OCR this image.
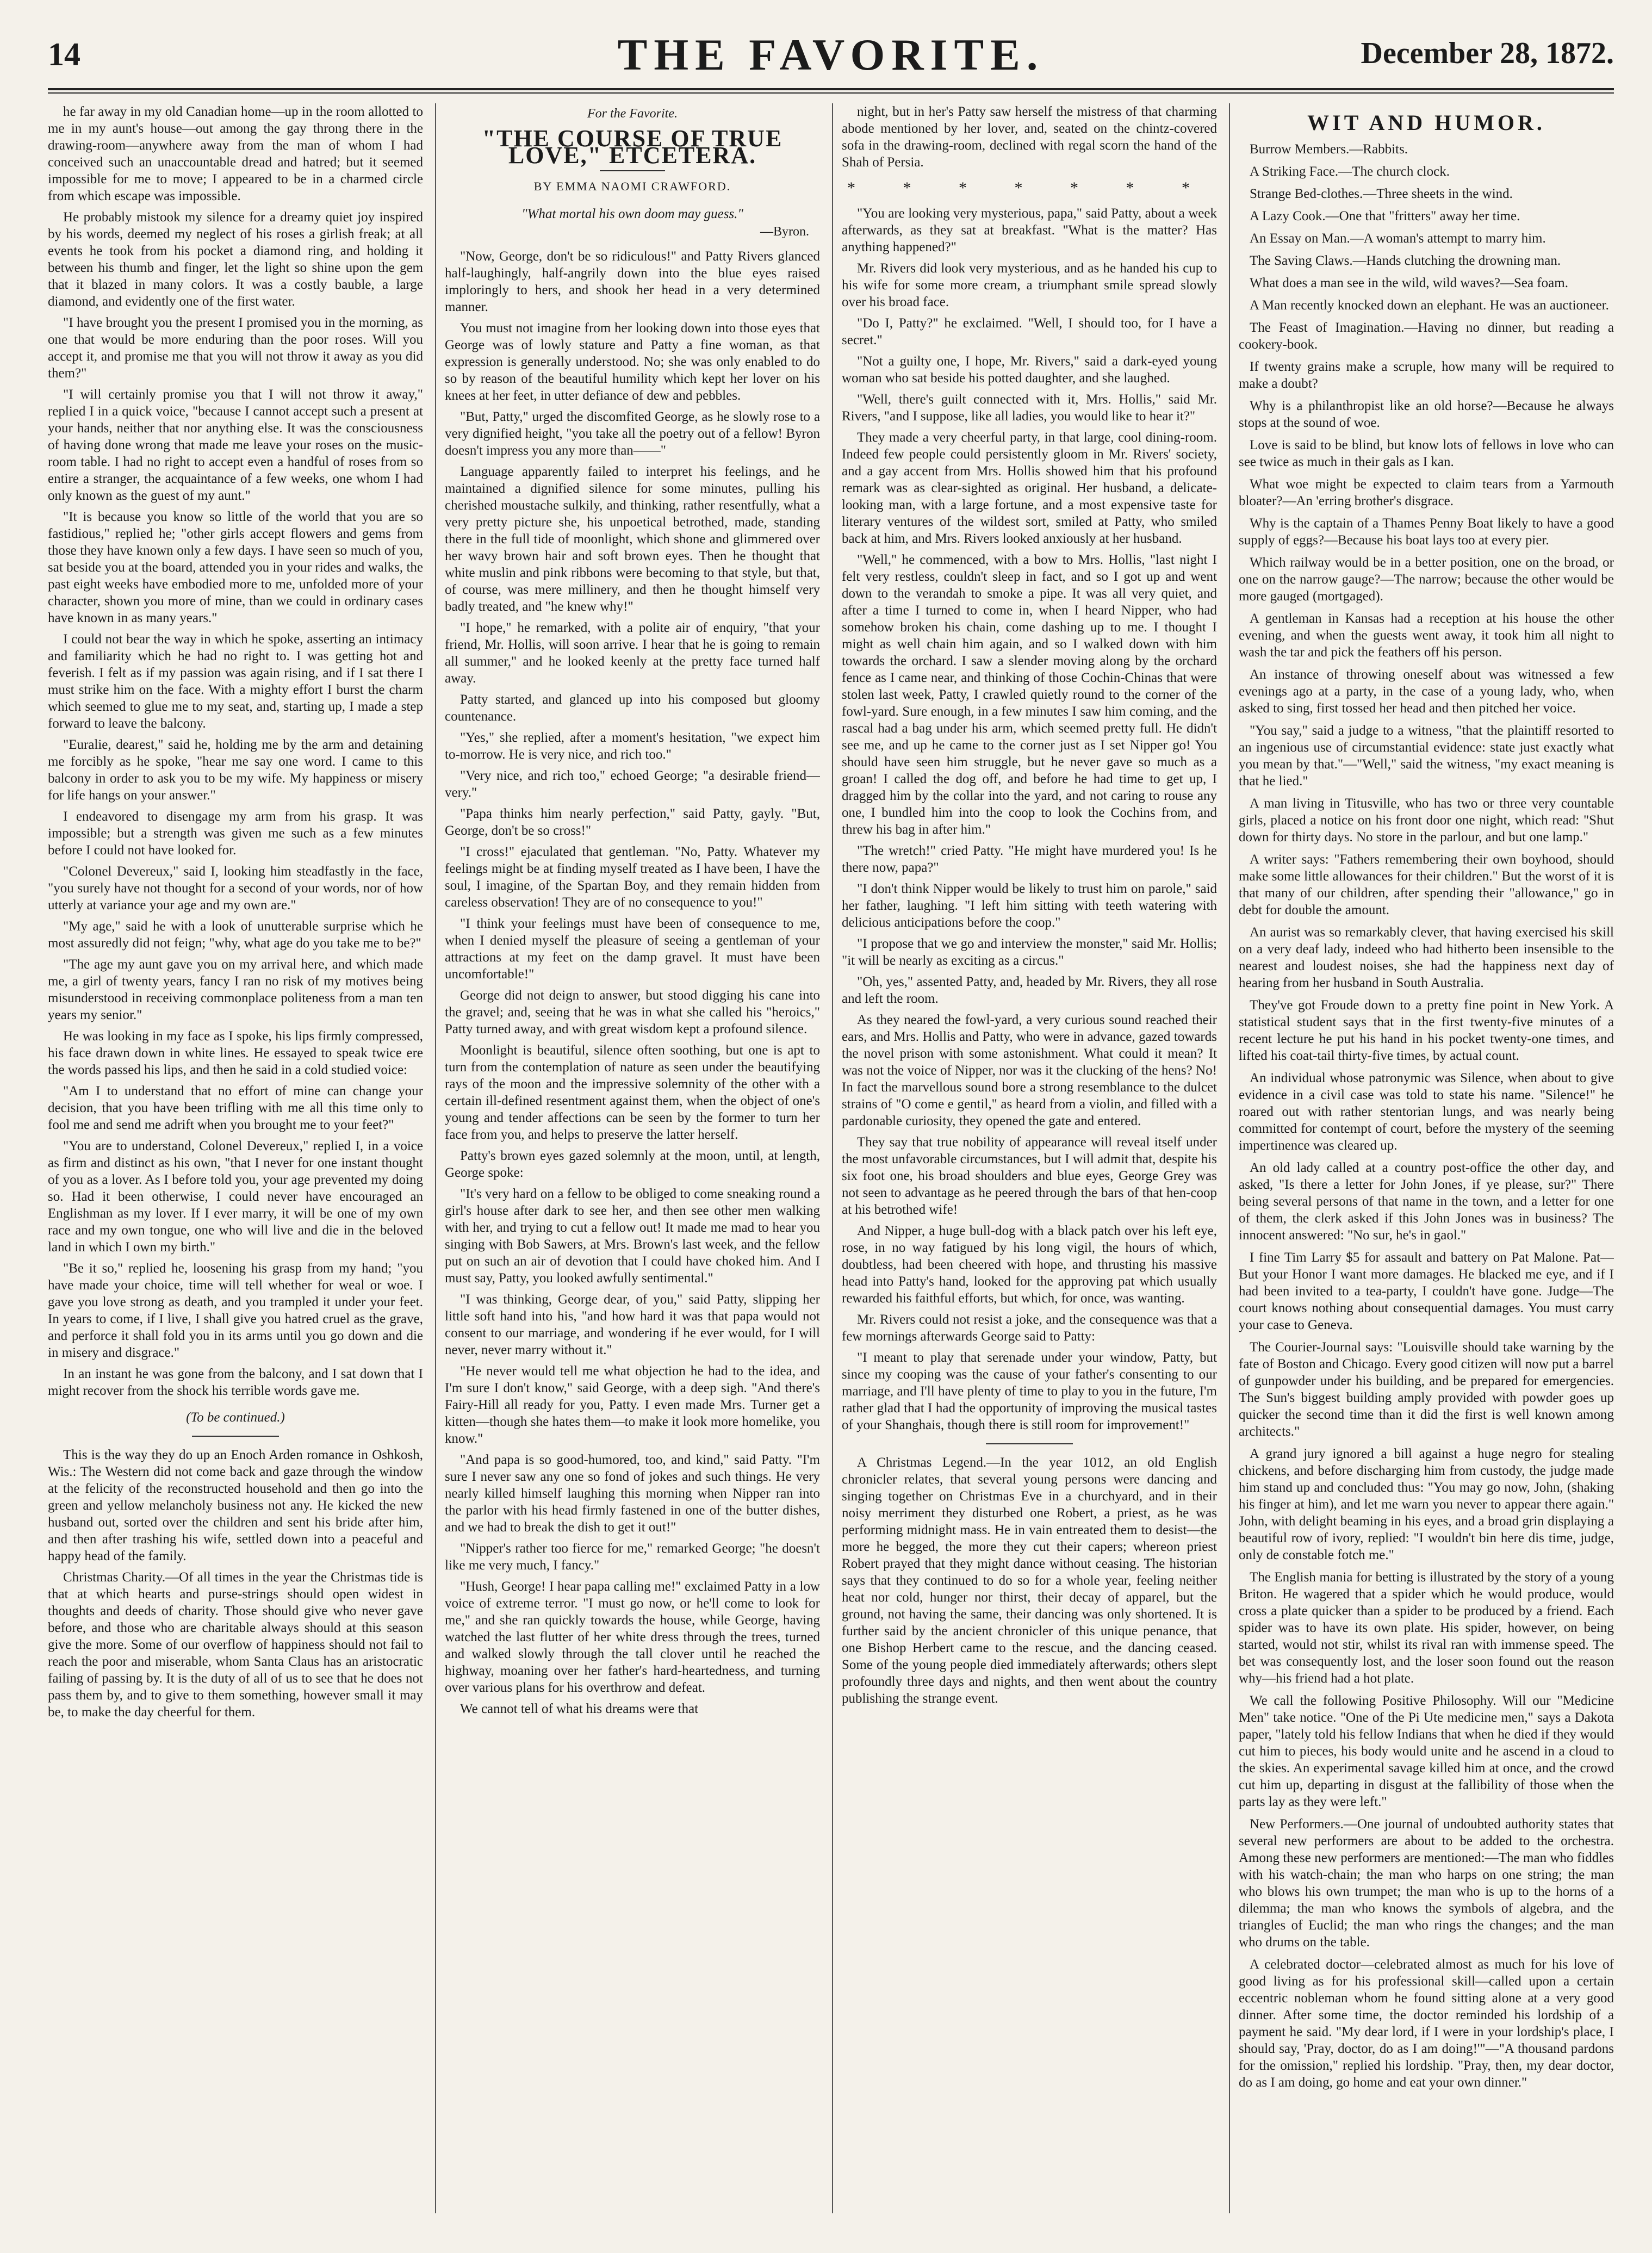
14	THE FAVORITE.	December 28, 1872.

he far away in my old Canadian home—up in the room allotted to me in my aunt's house—out among the gay throng there in the drawing-room—anywhere away from the man of whom I had conceived such an unaccountable dread and hatred; but it seemed impossible for me to move; I appeared to be in a charmed circle from which escape was impossible.

He probably mistook my silence for a dreamy quiet joy inspired by his words, deemed my neglect of his roses a girlish freak; at all events he took from his pocket a diamond ring, and holding it between his thumb and finger, let the light so shine upon the gem that it blazed in many colors. It was a costly bauble, a large diamond, and evidently one of the first water.

"I have brought you the present I promised you in the morning, as one that would be more enduring than the poor roses. Will you accept it, and promise me that you will not throw it away as you did them?"

"I will certainly promise you that I will not throw it away," replied I in a quick voice, "because I cannot accept such a present at your hands, neither that nor anything else. It was the consciousness of having done wrong that made me leave your roses on the music-room table. I had no right to accept even a handful of roses from so entire a stranger, the acquaintance of a few weeks, one whom I had only known as the guest of my aunt."

"It is because you know so little of the world that you are so fastidious," replied he; "other girls accept flowers and gems from those they have known only a few days. I have seen so much of you, sat beside you at the board, attended you in your rides and walks, the past eight weeks have embodied more to me, unfolded more of your character, shown you more of mine, than we could in ordinary cases have known in as many years."

I could not bear the way in which he spoke, asserting an intimacy and familiarity which he had no right to. I was getting hot and feverish. I felt as if my passion was again rising, and if I sat there I must strike him on the face. With a mighty effort I burst the charm which seemed to glue me to my seat, and, starting up, I made a step forward to leave the balcony.

"Euralie, dearest," said he, holding me by the arm and detaining me forcibly as he spoke, "hear me say one word. I came to this balcony in order to ask you to be my wife. My happiness or misery for life hangs on your answer."

I endeavored to disengage my arm from his grasp. It was impossible; but a strength was given me such as a few minutes before I could not have looked for.

"Colonel Devereux," said I, looking him steadfastly in the face, "you surely have not thought for a second of your words, nor of how utterly at variance your age and my own are."

"My age," said he with a look of unutterable surprise which he most assuredly did not feign; "why, what age do you take me to be?"

"The age my aunt gave you on my arrival here, and which made me, a girl of twenty years, fancy I ran no risk of my motives being misunderstood in receiving commonplace politeness from a man ten years my senior."

He was looking in my face as I spoke, his lips firmly compressed, his face drawn down in white lines. He essayed to speak twice ere the words passed his lips, and then he said in a cold studied voice:

"Am I to understand that no effort of mine can change your decision, that you have been trifling with me all this time only to fool me and send me adrift when you brought me to your feet?"

"You are to understand, Colonel Devereux," replied I, in a voice as firm and distinct as his own, "that I never for one instant thought of you as a lover. As I before told you, your age prevented my doing so. Had it been otherwise, I could never have encouraged an Englishman as my lover. If I ever marry, it will be one of my own race and my own tongue, one who will live and die in the beloved land in which I own my birth."

"Be it so," replied he, loosening his grasp from my hand; "you have made your choice, time will tell whether for weal or woe. I gave you love strong as death, and you trampled it under your feet. In years to come, if I live, I shall give you hatred cruel as the grave, and perforce it shall fold you in its arms until you go down and die in misery and disgrace."

In an instant he was gone from the balcony, and I sat down that I might recover from the shock his terrible words gave me.

(To be continued.)

This is the way they do up an Enoch Arden romance in Oshkosh, Wis.: The Western did not come back and gaze through the window at the felicity of the reconstructed household and then go into the green and yellow melancholy business not any. He kicked the new husband out, sorted over the children and sent his bride after him, and then after trashing his wife, settled down into a peaceful and happy head of the family.

Christmas Charity.—Of all times in the year the Christmas tide is that at which hearts and purse-strings should open widest in thoughts and deeds of charity. Those should give who never gave before, and those who are charitable always should at this season give the more. Some of our overflow of happiness should not fail to reach the poor and miserable, whom Santa Claus has an aristocratic failing of passing by. It is the duty of all of us to see that he does not pass them by, and to give to them something, however small it may be, to make the day cheerful for them.

For the Favorite.

"THE COURSE OF TRUE LOVE," ETCETERA.

BY EMMA NAOMI CRAWFORD.

"What mortal his own doom may guess."

—Byron.

"Now, George, don't be so ridiculous!" and Patty Rivers glanced half-laughingly, half-angrily down into the blue eyes raised imploringly to hers, and shook her head in a very determined manner.

You must not imagine from her looking down into those eyes that George was of lowly stature and Patty a fine woman, as that expression is generally understood. No; she was only enabled to do so by reason of the beautiful humility which kept her lover on his knees at her feet, in utter defiance of dew and pebbles.

"But, Patty," urged the discomfited George, as he slowly rose to a very dignified height, "you take all the poetry out of a fellow! Byron doesn't impress you any more than——"

Language apparently failed to interpret his feelings, and he maintained a dignified silence for some minutes, pulling his cherished moustache sulkily, and thinking, rather resentfully, what a very pretty picture she, his unpoetical betrothed, made, standing there in the full tide of moonlight, which shone and glimmered over her wavy brown hair and soft brown eyes. Then he thought that white muslin and pink ribbons were becoming to that style, but that, of course, was mere millinery, and then he thought himself very badly treated, and "he knew why!"

"I hope," he remarked, with a polite air of enquiry, "that your friend, Mr. Hollis, will soon arrive. I hear that he is going to remain all summer," and he looked keenly at the pretty face turned half away.

Patty started, and glanced up into his composed but gloomy countenance.

"Yes," she replied, after a moment's hesitation, "we expect him to-morrow. He is very nice, and rich too."

"Very nice, and rich too," echoed George; "a desirable friend—very."

"Papa thinks him nearly perfection," said Patty, gayly. "But, George, don't be so cross!"

"I cross!" ejaculated that gentleman. "No, Patty. Whatever my feelings might be at finding myself treated as I have been, I have the soul, I imagine, of the Spartan Boy, and they remain hidden from careless observation! They are of no consequence to you!"

"I think your feelings must have been of consequence to me, when I denied myself the pleasure of seeing a gentleman of your attractions at my feet on the damp gravel. It must have been uncomfortable!"

George did not deign to answer, but stood digging his cane into the gravel; and, seeing that he was in what she called his "heroics," Patty turned away, and with great wisdom kept a profound silence.

Moonlight is beautiful, silence often soothing, but one is apt to turn from the contemplation of nature as seen under the beautifying rays of the moon and the impressive solemnity of the other with a certain ill-defined resentment against them, when the object of one's young and tender affections can be seen by the former to turn her face from you, and helps to preserve the latter herself.

Patty's brown eyes gazed solemnly at the moon, until, at length, George spoke:

"It's very hard on a fellow to be obliged to come sneaking round a girl's house after dark to see her, and then see other men walking with her, and trying to cut a fellow out! It made me mad to hear you singing with Bob Sawers, at Mrs. Brown's last week, and the fellow put on such an air of devotion that I could have choked him. And I must say, Patty, you looked awfully sentimental."

"I was thinking, George dear, of you," said Patty, slipping her little soft hand into his, "and how hard it was that papa would not consent to our marriage, and wondering if he ever would, for I will never, never marry without it."

"He never would tell me what objection he had to the idea, and I'm sure I don't know," said George, with a deep sigh. "And there's Fairy-Hill all ready for you, Patty. I even made Mrs. Turner get a kitten—though she hates them—to make it look more homelike, you know."

"And papa is so good-humored, too, and kind," said Patty. "I'm sure I never saw any one so fond of jokes and such things. He very nearly killed himself laughing this morning when Nipper ran into the parlor with his head firmly fastened in one of the butter dishes, and we had to break the dish to get it out!"

"Nipper's rather too fierce for me," remarked George; "he doesn't like me very much, I fancy."

"Hush, George! I hear papa calling me!" exclaimed Patty in a low voice of extreme terror. "I must go now, or he'll come to look for me," and she ran quickly towards the house, while George, having watched the last flutter of her white dress through the trees, turned and walked slowly through the tall clover until he reached the highway, moaning over her father's hard-heartedness, and turning over various plans for his overthrow and defeat.

We cannot tell of what his dreams were that

night, but in her's Patty saw herself the mistress of that charming abode mentioned by her lover, and, seated on the chintz-covered sofa in the drawing-room, declined with regal scorn the hand of the Shah of Persia.

* * * * * * *

"You are looking very mysterious, papa," said Patty, about a week afterwards, as they sat at breakfast. "What is the matter? Has anything happened?"

Mr. Rivers did look very mysterious, and as he handed his cup to his wife for some more cream, a triumphant smile spread slowly over his broad face.

"Do I, Patty?" he exclaimed. "Well, I should too, for I have a secret."

"Not a guilty one, I hope, Mr. Rivers," said a dark-eyed young woman who sat beside his potted daughter, and she laughed.

"Well, there's guilt connected with it, Mrs. Hollis," said Mr. Rivers, "and I suppose, like all ladies, you would like to hear it?"

They made a very cheerful party, in that large, cool dining-room. Indeed few people could persistently gloom in Mr. Rivers' society, and a gay accent from Mrs. Hollis showed him that his profound remark was as clear-sighted as original. Her husband, a delicate-looking man, with a large fortune, and a most expensive taste for literary ventures of the wildest sort, smiled at Patty, who smiled back at him, and Mrs. Rivers looked anxiously at her husband.

"Well," he commenced, with a bow to Mrs. Hollis, "last night I felt very restless, couldn't sleep in fact, and so I got up and went down to the verandah to smoke a pipe. It was all very quiet, and after a time I turned to come in, when I heard Nipper, who had somehow broken his chain, come dashing up to me. I thought I might as well chain him again, and so I walked down with him towards the orchard. I saw a slender moving along by the orchard fence as I came near, and thinking of those Cochin-Chinas that were stolen last week, Patty, I crawled quietly round to the corner of the fowl-yard. Sure enough, in a few minutes I saw him coming, and the rascal had a bag under his arm, which seemed pretty full. He didn't see me, and up he came to the corner just as I set Nipper go! You should have seen him struggle, but he never gave so much as a groan! I called the dog off, and before he had time to get up, I dragged him by the collar into the yard, and not caring to rouse any one, I bundled him into the coop to look the Cochins from, and threw his bag in after him."

"The wretch!" cried Patty. "He might have murdered you! Is he there now, papa?"

"I don't think Nipper would be likely to trust him on parole," said her father, laughing. "I left him sitting with teeth watering with delicious anticipations before the coop."

"I propose that we go and interview the monster," said Mr. Hollis; "it will be nearly as exciting as a circus."

"Oh, yes," assented Patty, and, headed by Mr. Rivers, they all rose and left the room.

As they neared the fowl-yard, a very curious sound reached their ears, and Mrs. Hollis and Patty, who were in advance, gazed towards the novel prison with some astonishment. What could it mean? It was not the voice of Nipper, nor was it the clucking of the hens? No! In fact the marvellous sound bore a strong resemblance to the dulcet strains of "O come e gentil," as heard from a violin, and filled with a pardonable curiosity, they opened the gate and entered.

They say that true nobility of appearance will reveal itself under the most unfavorable circumstances, but I will admit that, despite his six foot one, his broad shoulders and blue eyes, George Grey was not seen to advantage as he peered through the bars of that hen-coop at his betrothed wife!

And Nipper, a huge bull-dog with a black patch over his left eye, rose, in no way fatigued by his long vigil, the hours of which, doubtless, had been cheered with hope, and thrusting his massive head into Patty's hand, looked for the approving pat which usually rewarded his faithful efforts, but which, for once, was wanting.

Mr. Rivers could not resist a joke, and the consequence was that a few mornings afterwards George said to Patty:

"I meant to play that serenade under your window, Patty, but since my cooping was the cause of your father's consenting to our marriage, and I'll have plenty of time to play to you in the future, I'm rather glad that I had the opportunity of improving the musical tastes of your Shanghais, though there is still room for improvement!"

A Christmas Legend.—In the year 1012, an old English chronicler relates, that several young persons were dancing and singing together on Christmas Eve in a churchyard, and in their noisy merriment they disturbed one Robert, a priest, as he was performing midnight mass. He in vain entreated them to desist—the more he begged, the more they cut their capers; whereon priest Robert prayed that they might dance without ceasing. The historian says that they continued to do so for a whole year, feeling neither heat nor cold, hunger nor thirst, their decay of apparel, but the ground, not having the same, their dancing was only shortened. It is further said by the ancient chronicler of this unique penance, that one Bishop Herbert came to the rescue, and the dancing ceased. Some of the young people died immediately afterwards; others slept profoundly three days and nights, and then went about the country publishing the strange event.

WIT AND HUMOR.

Burrow Members.—Rabbits.

A Striking Face.—The church clock.

Strange Bed-clothes.—Three sheets in the wind.

A Lazy Cook.—One that "fritters" away her time.

An Essay on Man.—A woman's attempt to marry him.

The Saving Claws.—Hands clutching the drowning man.

What does a man see in the wild, wild waves?—Sea foam.

A Man recently knocked down an elephant. He was an auctioneer.

The Feast of Imagination.—Having no dinner, but reading a cookery-book.

If twenty grains make a scruple, how many will be required to make a doubt?

Why is a philanthropist like an old horse?—Because he always stops at the sound of woe.

Love is said to be blind, but know lots of fellows in love who can see twice as much in their gals as I kan.

What woe might be expected to claim tears from a Yarmouth bloater?—An 'erring brother's disgrace.

Why is the captain of a Thames Penny Boat likely to have a good supply of eggs?—Because his boat lays too at every pier.

Which railway would be in a better position, one on the broad, or one on the narrow gauge?—The narrow; because the other would be more gauged (mortgaged).

A gentleman in Kansas had a reception at his house the other evening, and when the guests went away, it took him all night to wash the tar and pick the feathers off his person.

An instance of throwing oneself about was witnessed a few evenings ago at a party, in the case of a young lady, who, when asked to sing, first tossed her head and then pitched her voice.

"You say," said a judge to a witness, "that the plaintiff resorted to an ingenious use of circumstantial evidence: state just exactly what you mean by that."—"Well," said the witness, "my exact meaning is that he lied."

A man living in Titusville, who has two or three very countable girls, placed a notice on his front door one night, which read: "Shut down for thirty days. No store in the parlour, and but one lamp."

A writer says: "Fathers remembering their own boyhood, should make some little allowances for their children." But the worst of it is that many of our children, after spending their "allowance," go in debt for double the amount.

An aurist was so remarkably clever, that having exercised his skill on a very deaf lady, indeed who had hitherto been insensible to the nearest and loudest noises, she had the happiness next day of hearing from her husband in South Australia.

They've got Froude down to a pretty fine point in New York. A statistical student says that in the first twenty-five minutes of a recent lecture he put his hand in his pocket twenty-one times, and lifted his coat-tail thirty-five times, by actual count.

An individual whose patronymic was Silence, when about to give evidence in a civil case was told to state his name. "Silence!" he roared out with rather stentorian lungs, and was nearly being committed for contempt of court, before the mystery of the seeming impertinence was cleared up.

An old lady called at a country post-office the other day, and asked, "Is there a letter for John Jones, if ye please, sur?" There being several persons of that name in the town, and a letter for one of them, the clerk asked if this John Jones was in business? The innocent answered: "No sur, he's in gaol."

I fine Tim Larry $5 for assault and battery on Pat Malone. Pat—But your Honor I want more damages. He blacked me eye, and if I had been invited to a tea-party, I couldn't have gone. Judge—The court knows nothing about consequential damages. You must carry your case to Geneva.

The Courier-Journal says: "Louisville should take warning by the fate of Boston and Chicago. Every good citizen will now put a barrel of gunpowder under his building, and be prepared for emergencies. The Sun's biggest building amply provided with powder goes up quicker the second time than it did the first is well known among architects."

A grand jury ignored a bill against a huge negro for stealing chickens, and before discharging him from custody, the judge made him stand up and concluded thus: "You may go now, John, (shaking his finger at him), and let me warn you never to appear there again." John, with delight beaming in his eyes, and a broad grin displaying a beautiful row of ivory, replied: "I wouldn't bin here dis time, judge, only de constable fotch me."

The English mania for betting is illustrated by the story of a young Briton. He wagered that a spider which he would produce, would cross a plate quicker than a spider to be produced by a friend. Each spider was to have its own plate. His spider, however, on being started, would not stir, whilst its rival ran with immense speed. The bet was consequently lost, and the loser soon found out the reason why—his friend had a hot plate.

We call the following Positive Philosophy. Will our "Medicine Men" take notice. "One of the Pi Ute medicine men," says a Dakota paper, "lately told his fellow Indians that when he died if they would cut him to pieces, his body would unite and he ascend in a cloud to the skies. An experimental savage killed him at once, and the crowd cut him up, departing in disgust at the fallibility of those when the parts lay as they were left."

New Performers.—One journal of undoubted authority states that several new performers are about to be added to the orchestra. Among these new performers are mentioned:—The man who fiddles with his watch-chain; the man who harps on one string; the man who blows his own trumpet; the man who is up to the horns of a dilemma; the man who knows the symbols of algebra, and the triangles of Euclid; the man who rings the changes; and the man who drums on the table.

A celebrated doctor—celebrated almost as much for his love of good living as for his professional skill—called upon a certain eccentric nobleman whom he found sitting alone at a very good dinner. After some time, the doctor reminded his lordship of a payment he said. "My dear lord, if I were in your lordship's place, I should say, 'Pray, doctor, do as I am doing!'"—"A thousand pardons for the omission," replied his lordship. "Pray, then, my dear doctor, do as I am doing, go home and eat your own dinner."
